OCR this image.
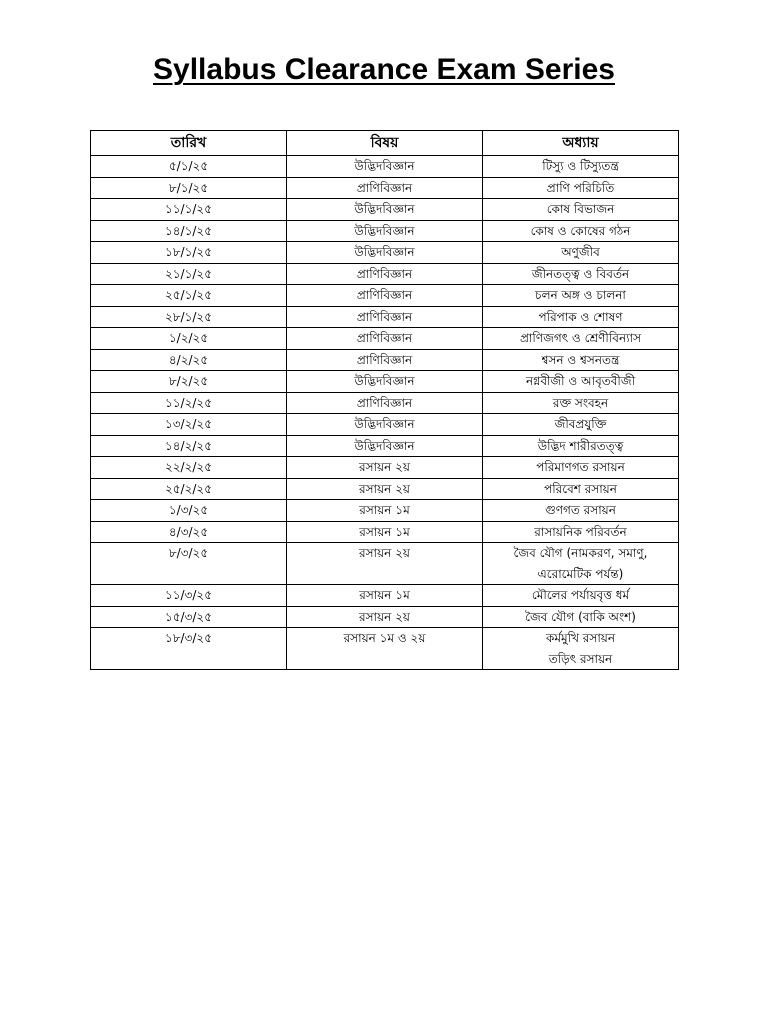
Syllabus Clearance Exam Series
তারিখ	বিষয়	অধ্যায়
৫/১/২৫	উদ্ভিদবিজ্ঞান	টিস্যু ও টিস্যুতন্ত্র

৮/১/২৫	প্রাণিবিজ্ঞান	প্রাণি পরিচিতি

১১/১/২৫	উদ্ভিদবিজ্ঞান	কোষ বিভাজন

১৪/১/২৫	উদ্ভিদবিজ্ঞান	কোষ ও কোষের গঠন

১৮/১/২৫	উদ্ভিদবিজ্ঞান	অণুজীব

২১/১/২৫	প্রাণিবিজ্ঞান	জীনতত্ত্ব ও বিবর্তন

২৫/১/২৫	প্রাণিবিজ্ঞান	চলন অঙ্গ ও চালনা

২৮/১/২৫	প্রাণিবিজ্ঞান	পরিপাক ও শোষণ

১/২/২৫	প্রাণিবিজ্ঞান	প্রাণিজগৎ ও শ্রেণীবিন্যাস

৪/২/২৫	প্রাণিবিজ্ঞান	শ্বসন ও শ্বসনতন্ত্র

৮/২/২৫	উদ্ভিদবিজ্ঞান	নগ্নবীজী ও আবৃতবীজী

১১/২/২৫	প্রাণিবিজ্ঞান	রক্ত সংবহন

১৩/২/২৫	উদ্ভিদবিজ্ঞান	জীবপ্রযুক্তি

১৪/২/২৫	উদ্ভিদবিজ্ঞান	উদ্ভিদ শারীরতত্ত্ব

২২/২/২৫	রসায়ন ২য়	পরিমাণগত রসায়ন

২৫/২/২৫	রসায়ন ২য়	পরিবেশ রসায়ন

১/৩/২৫	রসায়ন ১ম	গুণগত রসায়ন

৪/৩/২৫	রসায়ন ১ম	রাসায়নিক পরিবর্তন

৮/৩/২৫	রসায়ন ২য়	জৈব যৌগ (নামকরণ, সমাণু,
এরোমেটিক পর্যন্ত)

১১/৩/২৫	রসায়ন ১ম	মৌলের পর্যায়বৃত্ত ধর্ম

১৫/৩/২৫	রসায়ন ২য়	জৈব যৌগ (বাকি অংশ)

১৮/৩/২৫	রসায়ন ১ম ও ২য়	কর্মমুখি রসায়ন
তড়িৎ রসায়ন
